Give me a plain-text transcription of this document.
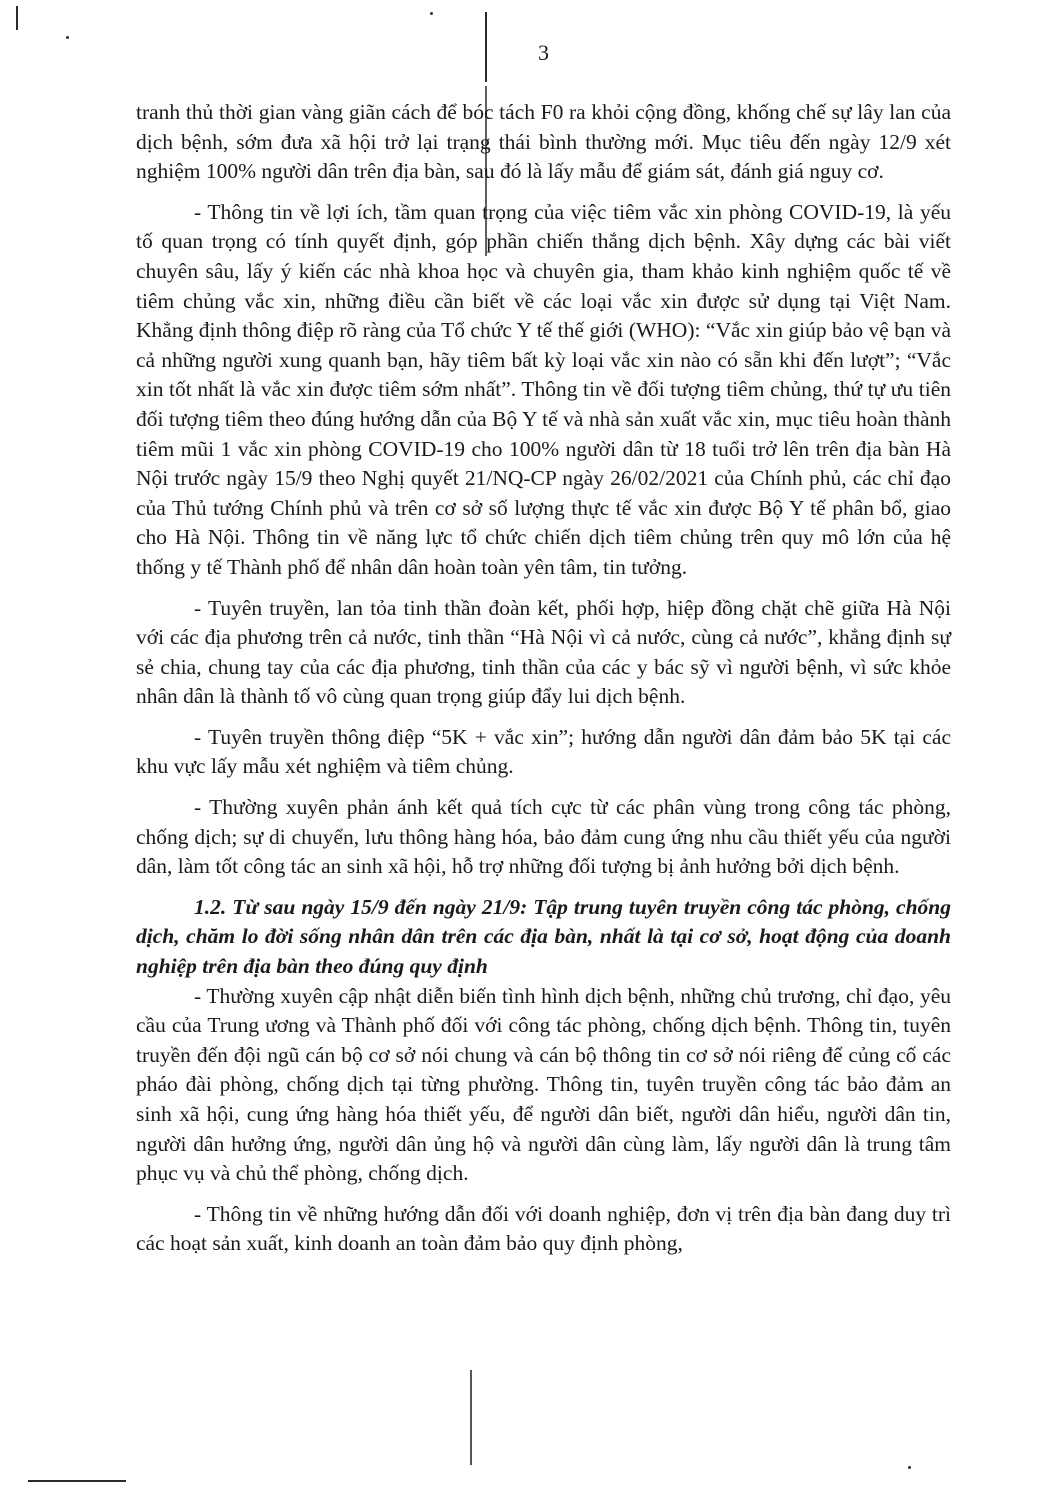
3

tranh thủ thời gian vàng giãn cách để bóc tách F0 ra khỏi cộng đồng, khống chế sự lây lan của dịch bệnh, sớm đưa xã hội trở lại trạng thái bình thường mới. Mục tiêu đến ngày 12/9 xét nghiệm 100% người dân trên địa bàn, sau đó là lấy mẫu để giám sát, đánh giá nguy cơ.

- Thông tin về lợi ích, tầm quan trọng của việc tiêm vắc xin phòng COVID-19, là yếu tố quan trọng có tính quyết định, góp phần chiến thắng dịch bệnh. Xây dựng các bài viết chuyên sâu, lấy ý kiến các nhà khoa học và chuyên gia, tham khảo kinh nghiệm quốc tế về tiêm chủng vắc xin, những điều cần biết về các loại vắc xin được sử dụng tại Việt Nam. Khẳng định thông điệp rõ ràng của Tổ chức Y tế thế giới (WHO): “Vắc xin giúp bảo vệ bạn và cả những người xung quanh bạn, hãy tiêm bất kỳ loại vắc xin nào có sẵn khi đến lượt”; “Vắc xin tốt nhất là vắc xin được tiêm sớm nhất”. Thông tin về đối tượng tiêm chủng, thứ tự ưu tiên đối tượng tiêm theo đúng hướng dẫn của Bộ Y tế và nhà sản xuất vắc xin, mục tiêu hoàn thành tiêm mũi 1 vắc xin phòng COVID-19 cho 100% người dân từ 18 tuổi trở lên trên địa bàn Hà Nội trước ngày 15/9 theo Nghị quyết 21/NQ-CP ngày 26/02/2021 của Chính phủ, các chỉ đạo của Thủ tướng Chính phủ và trên cơ sở số lượng thực tế vắc xin được Bộ Y tế phân bổ, giao cho Hà Nội. Thông tin về năng lực tổ chức chiến dịch tiêm chủng trên quy mô lớn của hệ thống y tế Thành phố để nhân dân hoàn toàn yên tâm, tin tưởng.

- Tuyên truyền, lan tỏa tinh thần đoàn kết, phối hợp, hiệp đồng chặt chẽ giữa Hà Nội với các địa phương trên cả nước, tinh thần “Hà Nội vì cả nước, cùng cả nước”, khẳng định sự sẻ chia, chung tay của các địa phương, tinh thần của các y bác sỹ vì người bệnh, vì sức khỏe nhân dân là thành tố vô cùng quan trọng giúp đẩy lui dịch bệnh.

- Tuyên truyền thông điệp “5K + vắc xin”; hướng dẫn người dân đảm bảo 5K tại các khu vực lấy mẫu xét nghiệm và tiêm chủng.

- Thường xuyên phản ánh kết quả tích cực từ các phân vùng trong công tác phòng, chống dịch; sự di chuyển, lưu thông hàng hóa, bảo đảm cung ứng nhu cầu thiết yếu của người dân, làm tốt công tác an sinh xã hội, hỗ trợ những đối tượng bị ảnh hưởng bởi dịch bệnh.

1.2. Từ sau ngày 15/9 đến ngày 21/9: Tập trung tuyên truyền công tác phòng, chống dịch, chăm lo đời sống nhân dân trên các địa bàn, nhất là tại cơ sở, hoạt động của doanh nghiệp trên địa bàn theo đúng quy định

- Thường xuyên cập nhật diễn biến tình hình dịch bệnh, những chủ trương, chỉ đạo, yêu cầu của Trung ương và Thành phố đối với công tác phòng, chống dịch bệnh. Thông tin, tuyên truyền đến đội ngũ cán bộ cơ sở nói chung và cán bộ thông tin cơ sở nói riêng để củng cố các pháo đài phòng, chống dịch tại từng phường. Thông tin, tuyên truyền công tác bảo đảm an sinh xã hội, cung ứng hàng hóa thiết yếu, để người dân biết, người dân hiểu, người dân tin, người dân hưởng ứng, người dân ủng hộ và người dân cùng làm, lấy người dân là trung tâm phục vụ và chủ thể phòng, chống dịch.

- Thông tin về những hướng dẫn đối với doanh nghiệp, đơn vị trên địa bàn đang duy trì các hoạt sản xuất, kinh doanh an toàn đảm bảo quy định phòng,
